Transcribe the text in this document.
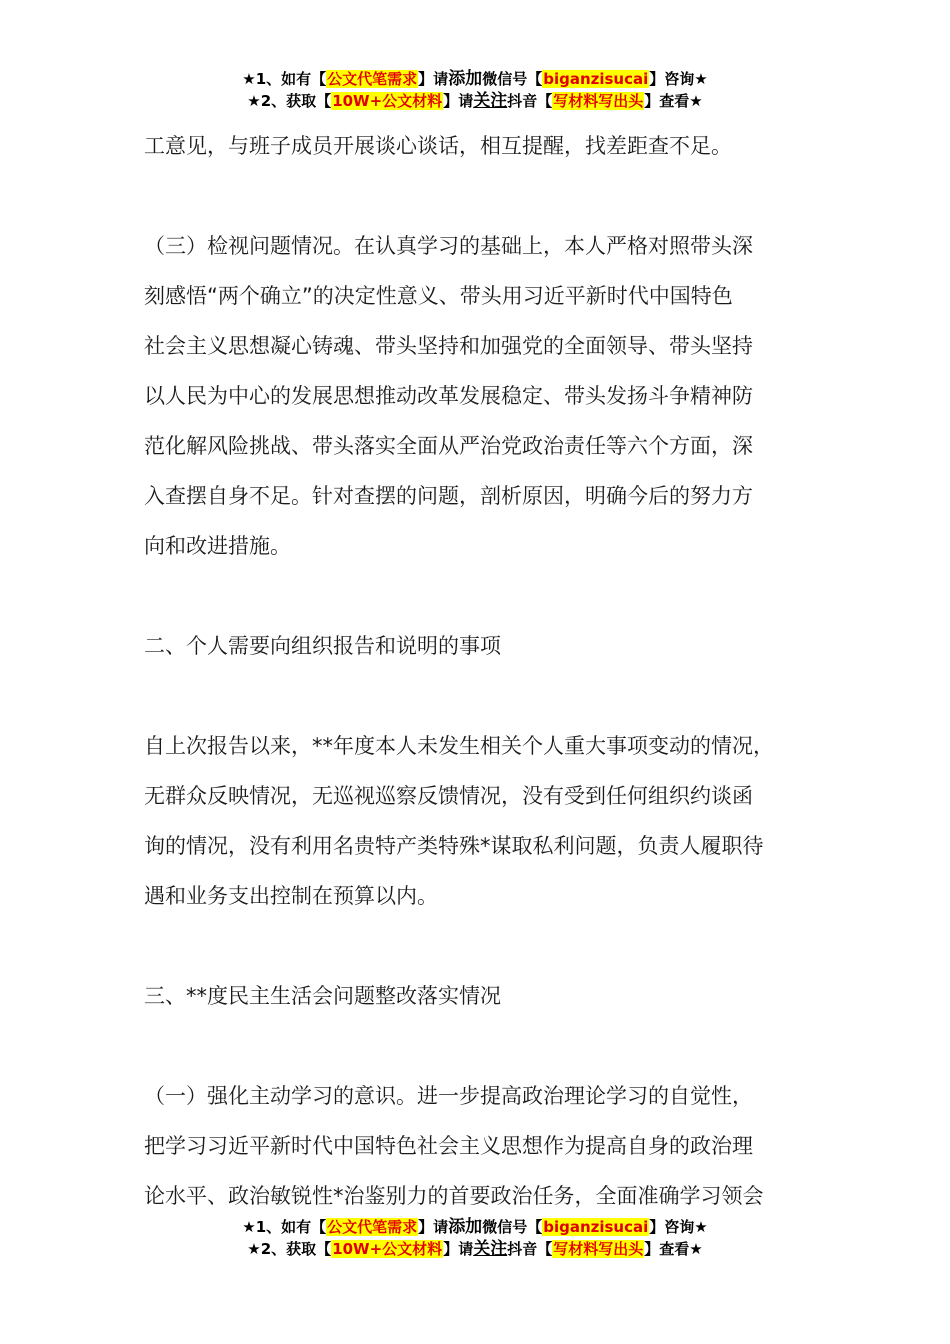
★1、如有【公文代笔需求】请添加微信号【biganzisucai】咨询★
★2、获取【10W+公文材料】请关注抖音【写材料写出头】查看★

工意见，与班子成员开展谈心谈话，相互提醒，找差距查不足。

（三）检视问题情况。在认真学习的基础上，本人严格对照带头深

刻感悟“两个确立”的决定性意义、带头用习近平新时代中国特色

社会主义思想凝心铸魂、带头坚持和加强党的全面领导、带头坚持

以人民为中心的发展思想推动改革发展稳定、带头发扬斗争精神防

范化解风险挑战、带头落实全面从严治党政治责任等六个方面，深

入查摆自身不足。针对查摆的问题，剖析原因，明确今后的努力方

向和改进措施。

二、个人需要向组织报告和说明的事项

自上次报告以来，**年度本人未发生相关个人重大事项变动的情况，

无群众反映情况，无巡视巡察反馈情况，没有受到任何组织约谈函

询的情况，没有利用名贵特产类特殊*谋取私利问题，负责人履职待

遇和业务支出控制在预算以内。

三、**度民主生活会问题整改落实情况

（一）强化主动学习的意识。进一步提高政治理论学习的自觉性，

把学习习近平新时代中国特色社会主义思想作为提高自身的政治理

论水平、政治敏锐性*治鉴别力的首要政治任务，全面准确学习领会

★1、如有【公文代笔需求】请添加微信号【biganzisucai】咨询★
★2、获取【10W+公文材料】请关注抖音【写材料写出头】查看★
